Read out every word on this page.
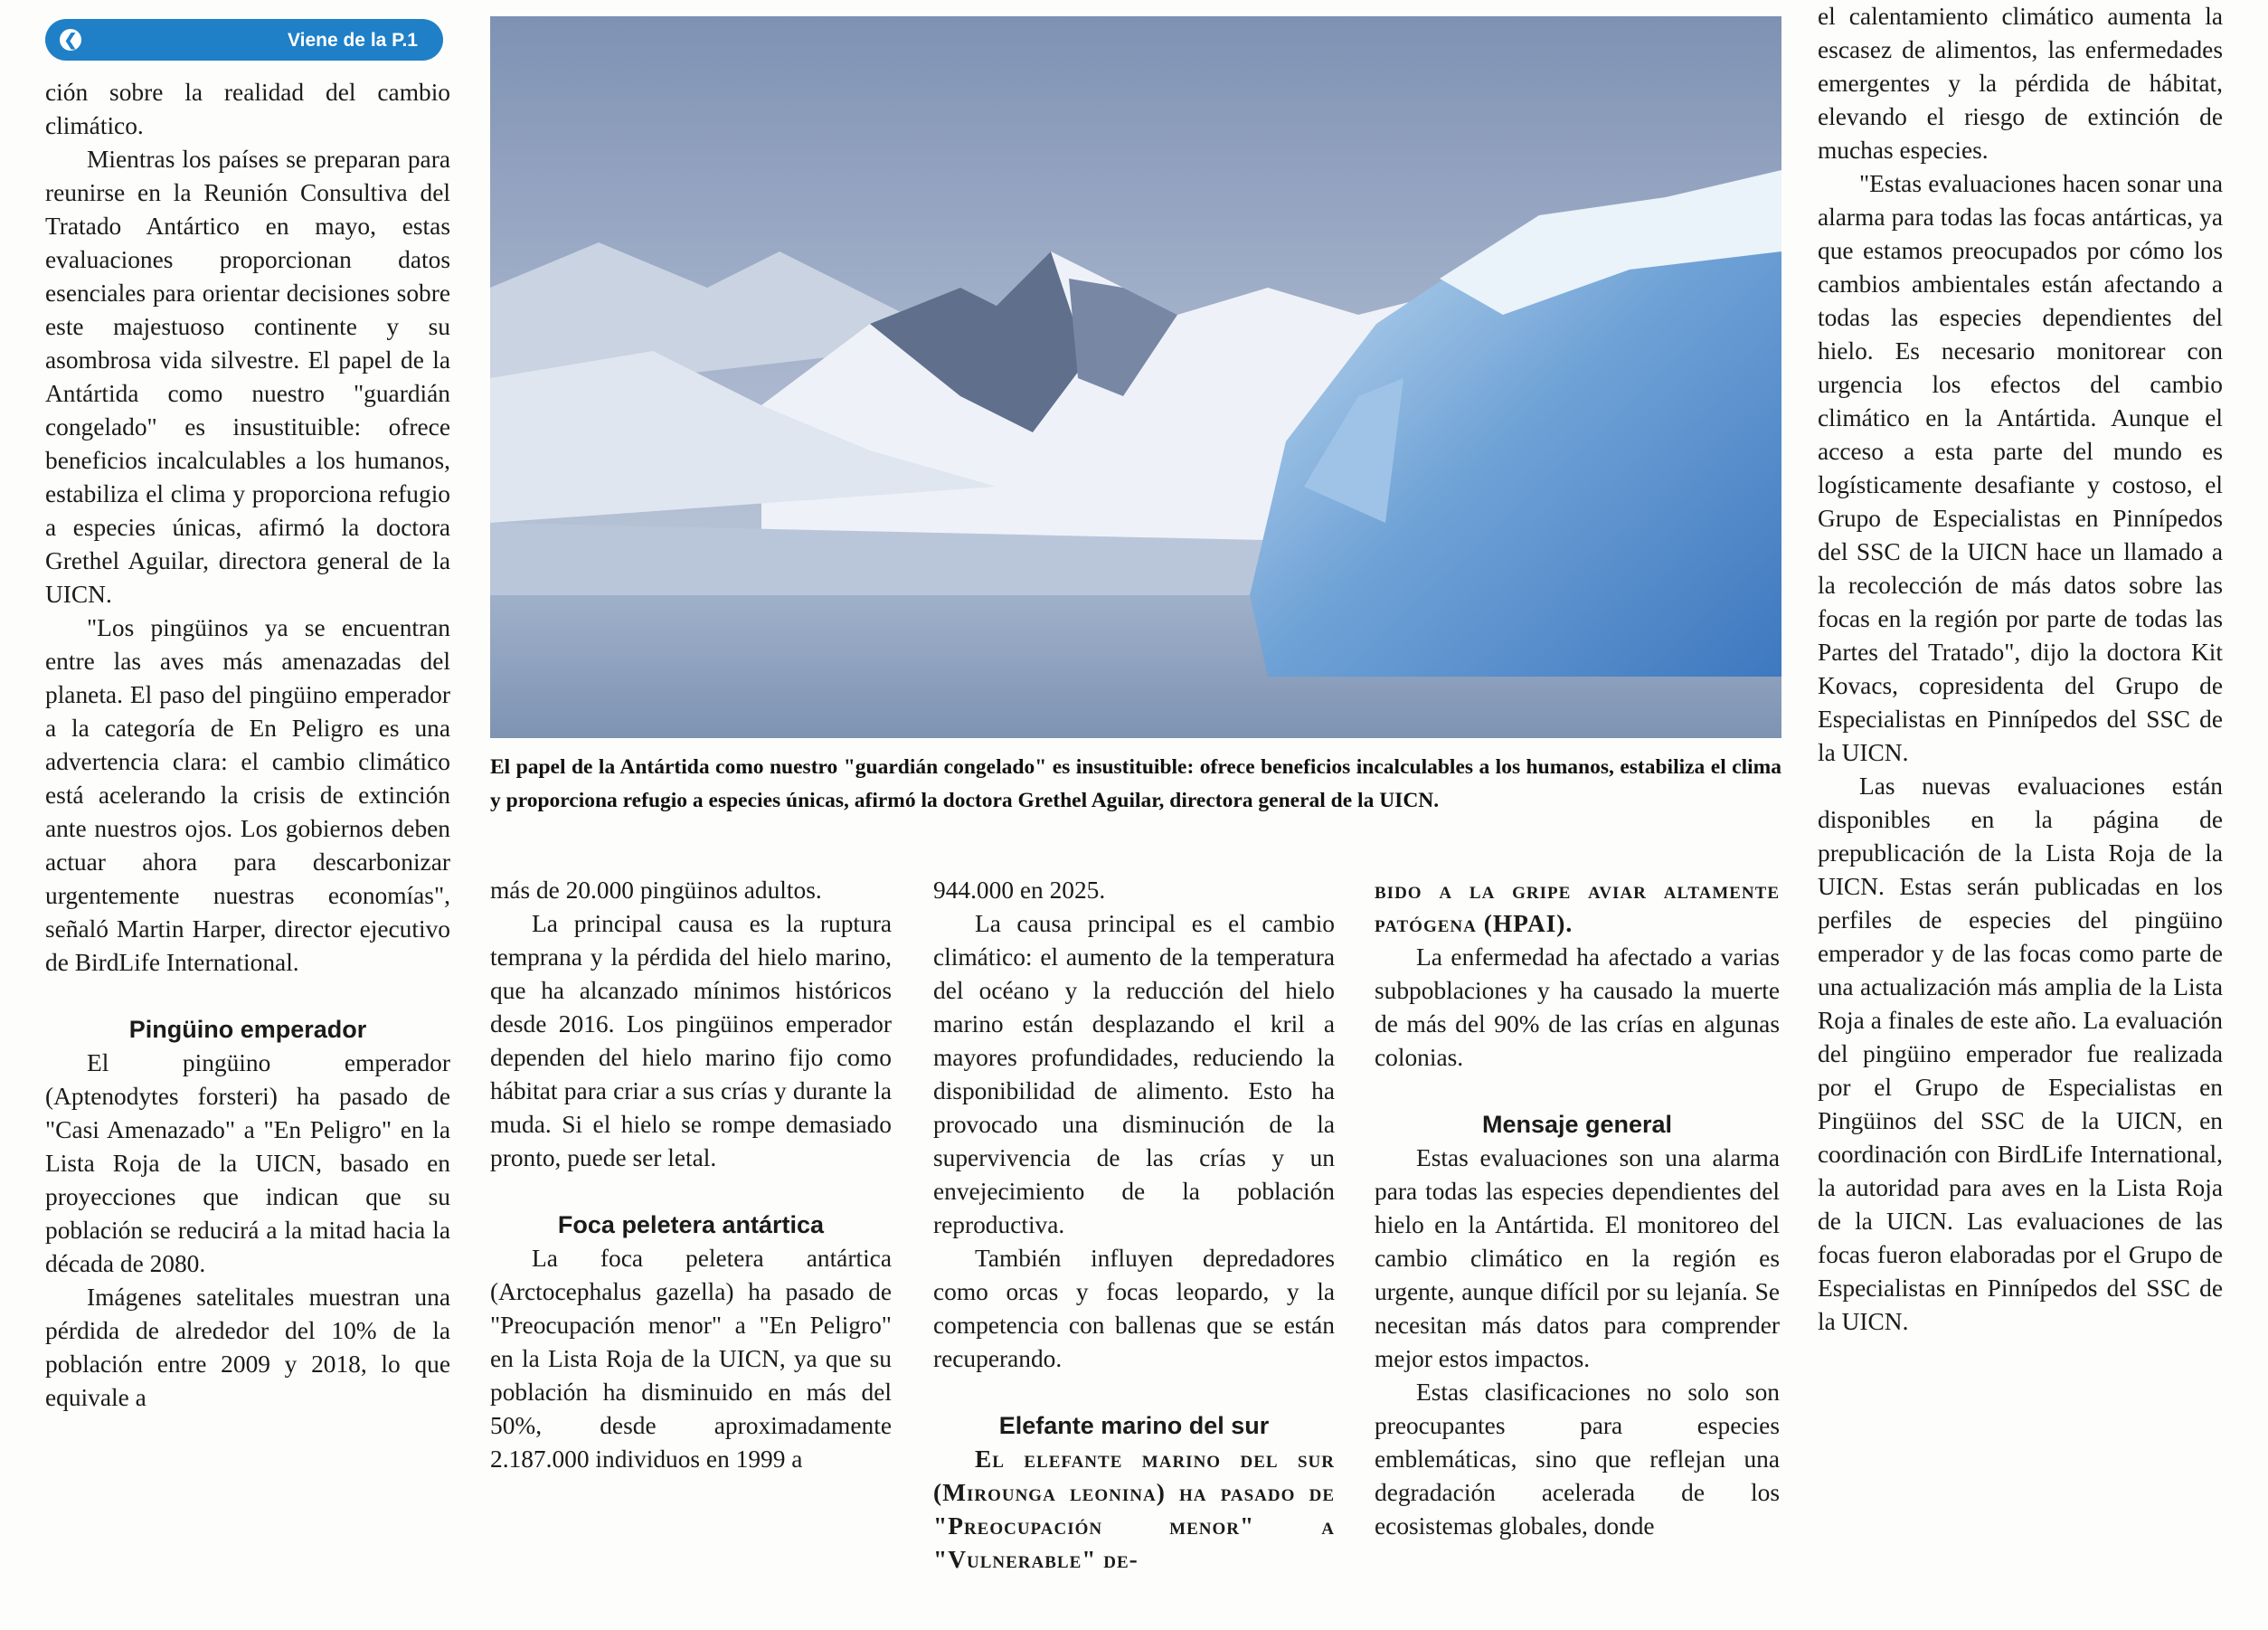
❮	Viene de la P.1

ción sobre la realidad del cambio climático.

Mientras los países se preparan para reunirse en la Reunión Consultiva del Tratado Antártico en mayo, estas evaluaciones proporcionan datos esenciales para orientar decisiones sobre este majestuoso continente y su asombrosa vida silvestre. El papel de la Antártida como nuestro "guardián congelado" es insustituible: ofrece beneficios incalculables a los humanos, estabiliza el clima y proporciona refugio a especies únicas, afirmó la doctora Grethel Aguilar, directora general de la UICN.

"Los pingüinos ya se encuentran entre las aves más amenazadas del planeta. El paso del pingüino emperador a la categoría de En Peligro es una advertencia clara: el cambio climático está acelerando la crisis de extinción ante nuestros ojos. Los gobiernos deben actuar ahora para descarbonizar urgentemente nuestras economías", señaló Martin Harper, director ejecutivo de BirdLife International.

Pingüino emperador

El pingüino emperador (Aptenodytes forsteri) ha pasado de "Casi Amenazado" a "En Peligro" en la Lista Roja de la UICN, basado en proyecciones que indican que su población se reducirá a la mitad hacia la década de 2080.

Imágenes satelitales muestran una pérdida de alrededor del 10% de la población entre 2009 y 2018, lo que equivale a

El papel de la Antártida como nuestro "guardián congelado" es insustituible: ofrece beneficios incalculables a los humanos, estabiliza el clima y proporciona refugio a especies únicas, afirmó la doctora Grethel Aguilar, directora general de la UICN.

más de 20.000 pingüinos adultos.

La principal causa es la ruptura temprana y la pérdida del hielo marino, que ha alcanzado mínimos históricos desde 2016. Los pingüinos emperador dependen del hielo marino fijo como hábitat para criar a sus crías y durante la muda. Si el hielo se rompe demasiado pronto, puede ser letal.

Foca peletera antártica

La foca peletera antártica (Arctocephalus gazella) ha pasado de "Preocupación menor" a "En Peligro" en la Lista Roja de la UICN, ya que su población ha disminuido en más del 50%, desde aproximadamente 2.187.000 individuos en 1999 a

944.000 en 2025.

La causa principal es el cambio climático: el aumento de la temperatura del océano y la reducción del hielo marino están desplazando el kril a mayores profundidades, reduciendo la disponibilidad de alimento. Esto ha provocado una disminución de la supervivencia de las crías y un envejecimiento de la población reproductiva.

También influyen depredadores como orcas y focas leopardo, y la competencia con ballenas que se están recuperando.

Elefante marino del sur

El elefante marino del sur (Mirounga leonina) ha pasado de "Preocupación menor" a "Vulnerable" de-

bido a la gripe aviar altamente patógena (HPAI).

La enfermedad ha afectado a varias subpoblaciones y ha causado la muerte de más del 90% de las crías en algunas colonias.

Mensaje general

Estas evaluaciones son una alarma para todas las especies dependientes del hielo en la Antártida. El monitoreo del cambio climático en la región es urgente, aunque difícil por su lejanía. Se necesitan más datos para comprender mejor estos impactos.

Estas clasificaciones no solo son preocupantes para especies emblemáticas, sino que reflejan una degradación acelerada de los ecosistemas globales, donde

el calentamiento climático aumenta la escasez de alimentos, las enfermedades emergentes y la pérdida de hábitat, elevando el riesgo de extinción de muchas especies.

"Estas evaluaciones hacen sonar una alarma para todas las focas antárticas, ya que estamos preocupados por cómo los cambios ambientales están afectando a todas las especies dependientes del hielo. Es necesario monitorear con urgencia los efectos del cambio climático en la Antártida. Aunque el acceso a esta parte del mundo es logísticamente desafiante y costoso, el Grupo de Especialistas en Pinnípedos del SSC de la UICN hace un llamado a la recolección de más datos sobre las focas en la región por parte de todas las Partes del Tratado", dijo la doctora Kit Kovacs, copresidenta del Grupo de Especialistas en Pinnípedos del SSC de la UICN.

Las nuevas evaluaciones están disponibles en la página de prepublicación de la Lista Roja de la UICN. Estas serán publicadas en los perfiles de especies del pingüino emperador y de las focas como parte de una actualización más amplia de la Lista Roja a finales de este año. La evaluación del pingüino emperador fue realizada por el Grupo de Especialistas en Pingüinos del SSC de la UICN, en coordinación con BirdLife International, la autoridad para aves en la Lista Roja de la UICN. Las evaluaciones de las focas fueron elaboradas por el Grupo de Especialistas en Pinnípedos del SSC de la UICN.
